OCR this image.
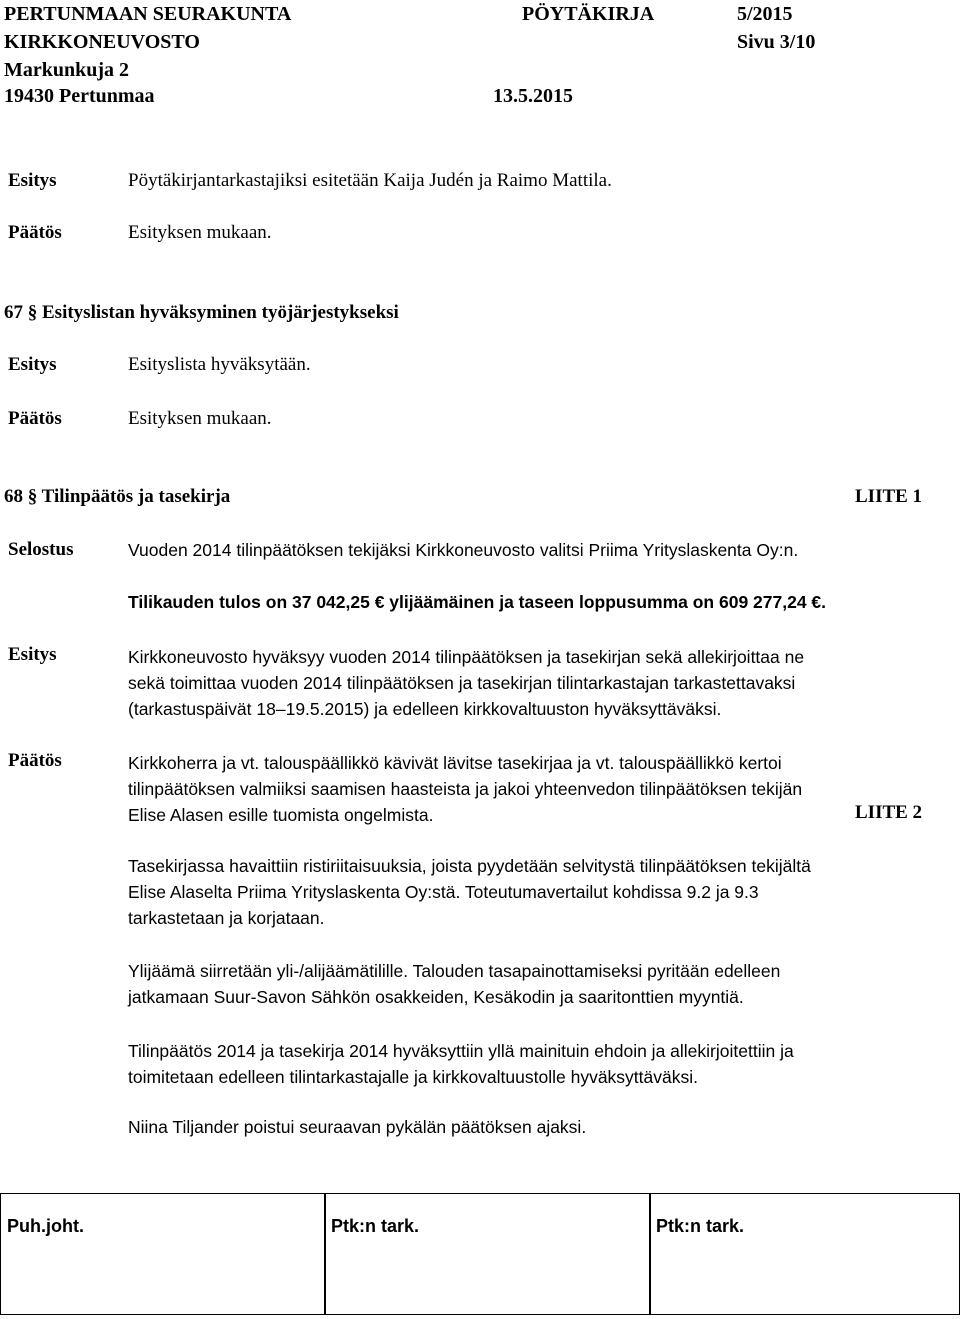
PERTUNMAAN SEURAKUNTA	PÖYTÄKIRJA	5/2015
KIRKKONEUVOSTO	Sivu 3/10
Markunkuja 2
19430 Pertunmaa	13.5.2015
Esitys	Pöytäkirjantarkastajiksi esitetään Kaija Judén ja Raimo Mattila.
Päätös	Esityksen mukaan.
67 § Esityslistan hyväksyminen työjärjestykseksi
Esitys	Esityslista hyväksytään.
Päätös	Esityksen mukaan.
68 § Tilinpäätös ja tasekirja	LIITE 1
Selostus	Vuoden 2014 tilinpäätöksen tekijäksi Kirkkoneuvosto valitsi Priima Yrityslaskenta Oy:n.
Tilikauden tulos on 37 042,25 € ylijäämäinen ja taseen loppusumma on 609 277,24 €.
Esitys	Kirkkoneuvosto hyväksyy vuoden 2014 tilinpäätöksen ja tasekirjan sekä allekirjoittaa ne
sekä toimittaa vuoden 2014 tilinpäätöksen ja tasekirjan tilintarkastajan tarkastettavaksi
(tarkastuspäivät 18–19.5.2015) ja edelleen kirkkovaltuuston hyväksyttäväksi.
Päätös	Kirkkoherra ja vt. talouspäällikkö kävivät lävitse tasekirjaa ja vt. talouspäällikkö kertoi
tilinpäätöksen valmiiksi saamisen haasteista ja jakoi yhteenvedon tilinpäätöksen tekijän
Elise Alasen esille tuomista ongelmista.	LIITE 2
Tasekirjassa havaittiin ristiriitaisuuksia, joista pyydetään selvitystä tilinpäätöksen tekijältä
Elise Alaselta Priima Yrityslaskenta Oy:stä. Toteutumavertailut kohdissa 9.2 ja 9.3
tarkastetaan ja korjataan.
Ylijäämä siirretään yli-/alijäämätilille. Talouden tasapainottamiseksi pyritään edelleen
jatkamaan Suur-Savon Sähkön osakkeiden, Kesäkodin ja saaritonttien myyntiä.
Tilinpäätös 2014 ja tasekirja 2014 hyväksyttiin yllä mainituin ehdoin ja allekirjoitettiin ja
toimitetaan edelleen tilintarkastajalle ja kirkkovaltuustolle hyväksyttäväksi.
Niina Tiljander poistui seuraavan pykälän päätöksen ajaksi.
Puh.joht.	Ptk:n tark.	Ptk:n tark.
